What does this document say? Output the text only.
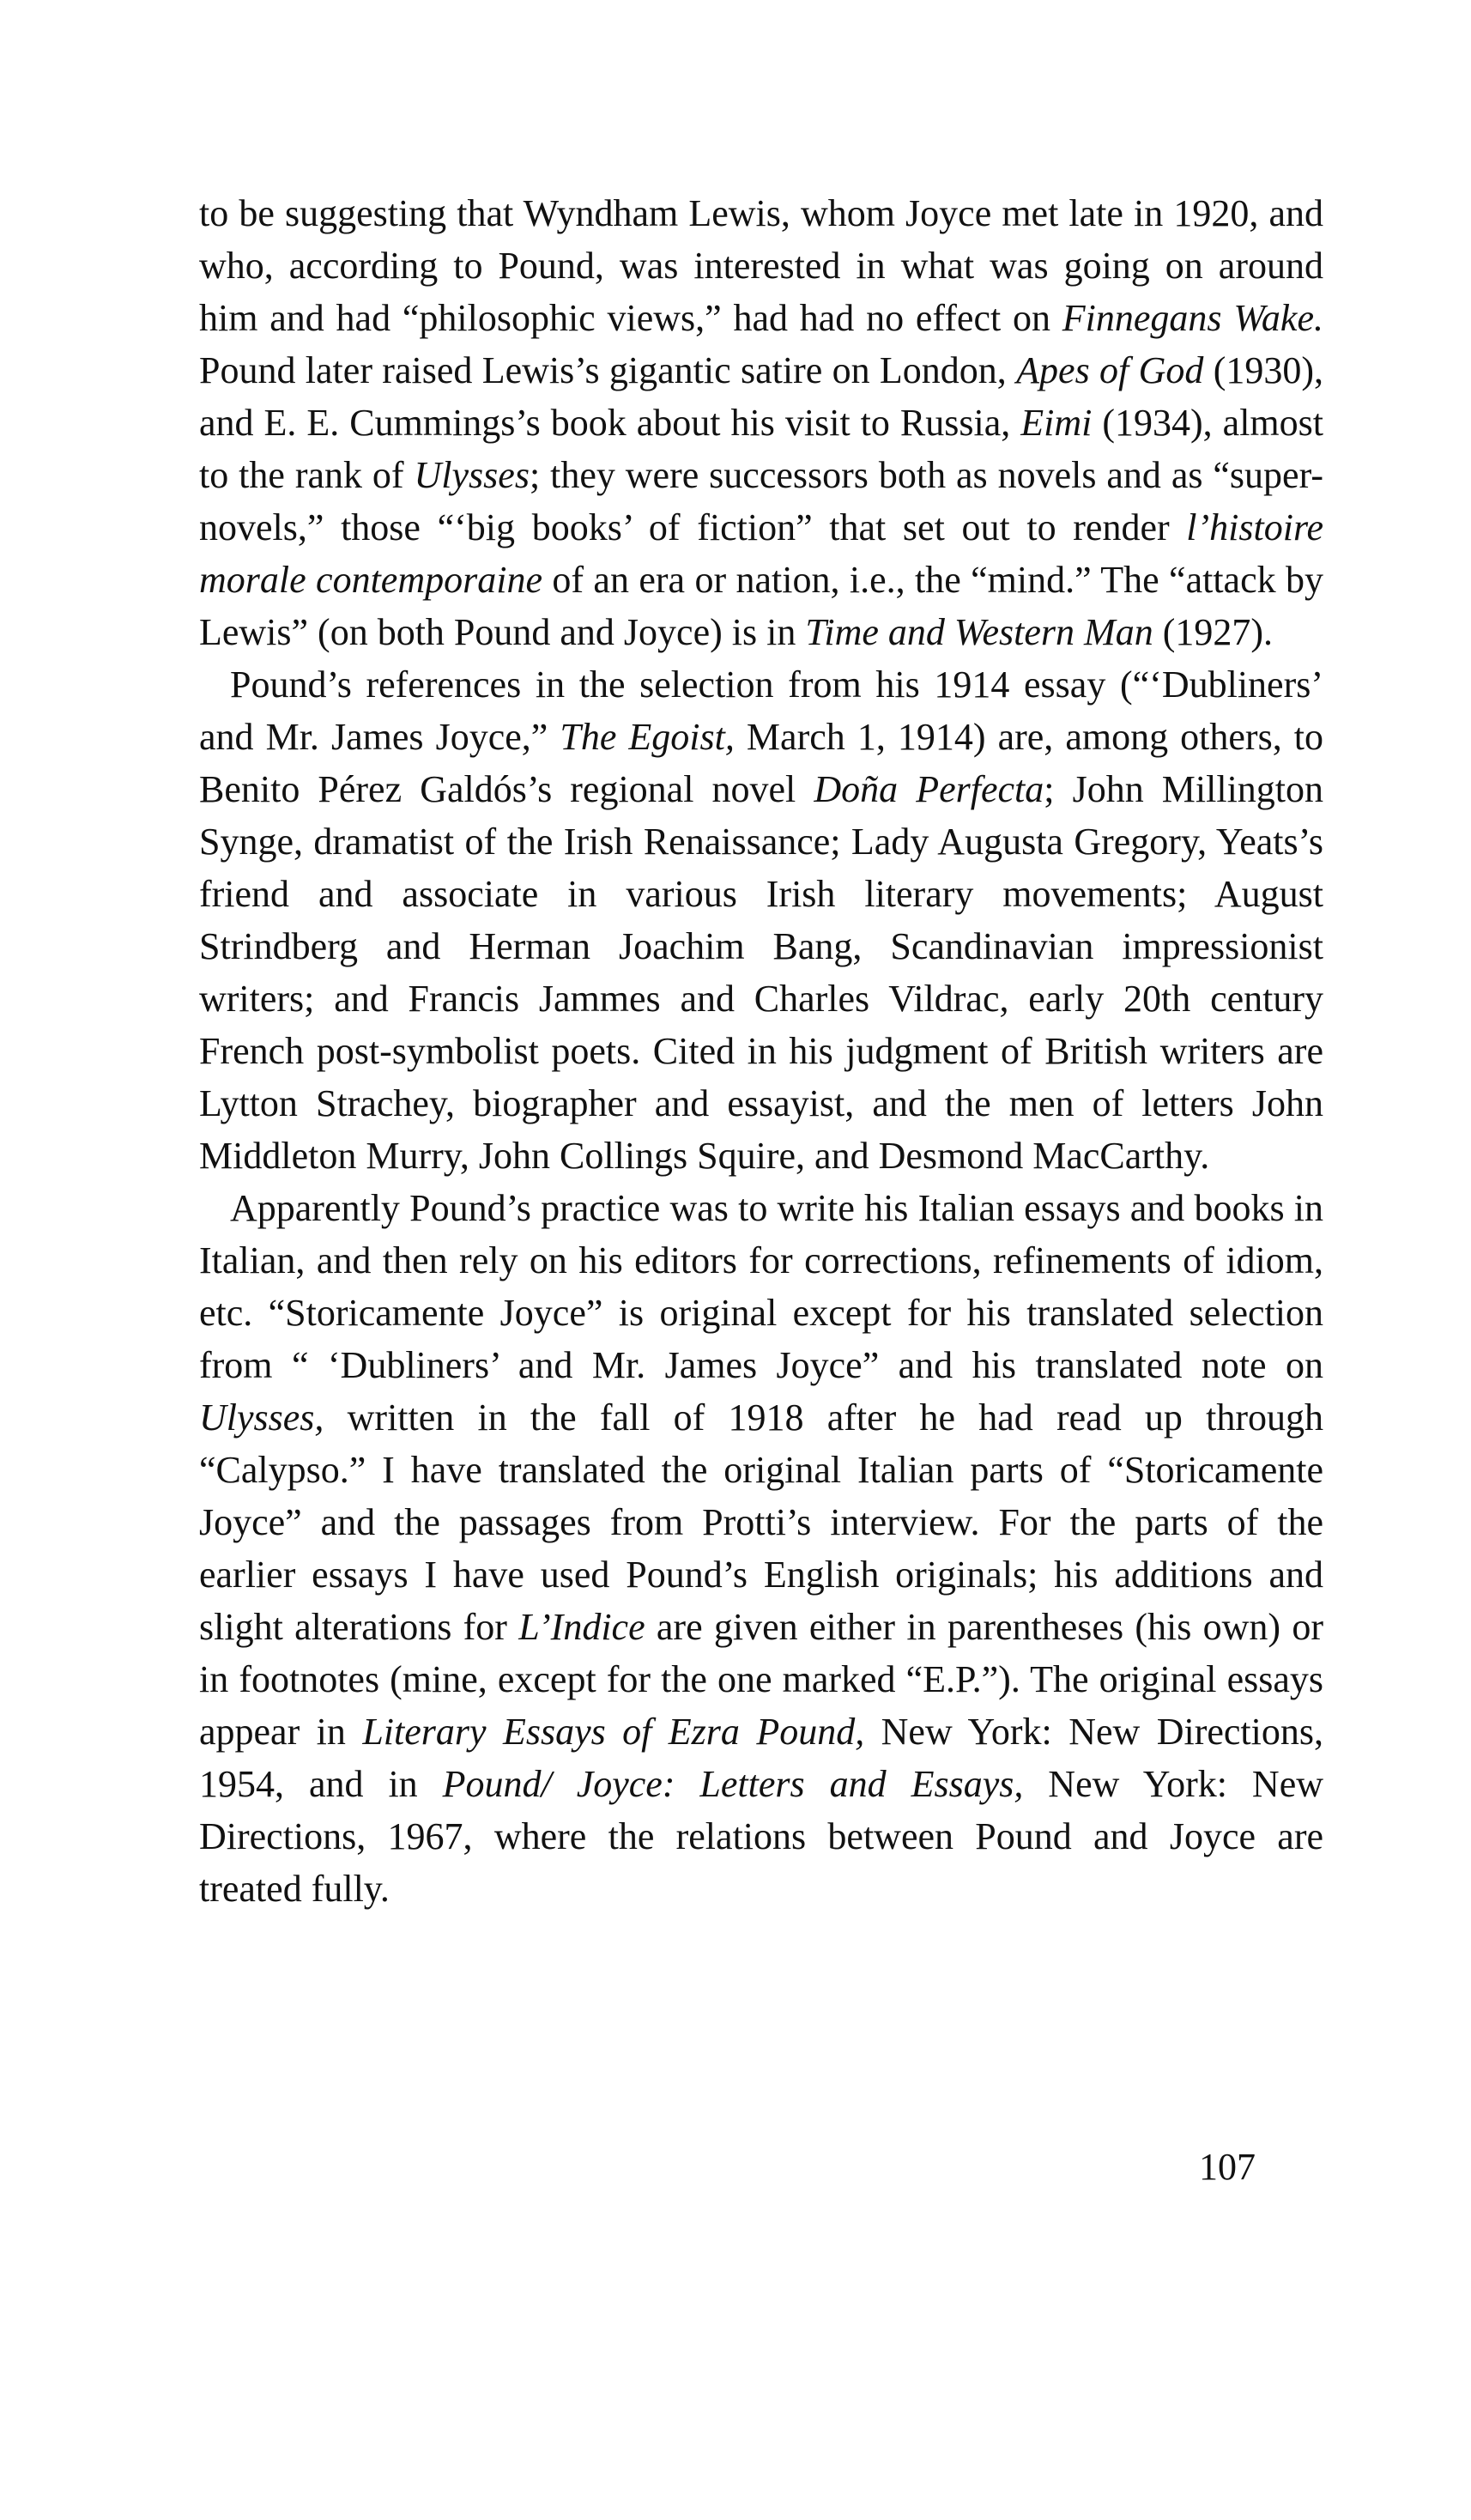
to be suggesting that Wyndham Lewis, whom Joyce met late in 1920, and who, according to Pound, was interested in what was going on around him and had “philosophic views,” had had no effect on Finnegans Wake. Pound later raised Lewis’s gigantic satire on London, Apes of God (1930), and E. E. Cummings’s book about his visit to Russia, Eimi (1934), almost to the rank of Ulysses; they were successors both as novels and as “super-novels,” those “‘big books’ of fiction” that set out to render l’histoire morale contemporaine of an era or nation, i.e., the “mind.” The “attack by Lewis” (on both Pound and Joyce) is in Time and Western Man (1927).

Pound’s references in the selection from his 1914 essay (“‘Dubliners’ and Mr. James Joyce,” The Egoist, March 1, 1914) are, among others, to Benito Pérez Galdós’s regional novel Doña Perfecta; John Millington Synge, dramatist of the Irish Renaissance; Lady Augusta Gregory, Yeats’s friend and associate in various Irish literary movements; August Strindberg and Herman Joachim Bang, Scandinavian impressionist writers; and Francis Jammes and Charles Vildrac, early 20th century French post-symbolist poets. Cited in his judgment of British writers are Lytton Strachey, biographer and essayist, and the men of letters John Middleton Murry, John Collings Squire, and Desmond MacCarthy.

Apparently Pound’s practice was to write his Italian essays and books in Italian, and then rely on his editors for corrections, refinements of idiom, etc. “Storicamente Joyce” is original except for his translated selection from “ ‘Dubliners’ and Mr. James Joyce” and his translated note on Ulysses, written in the fall of 1918 after he had read up through “Calypso.” I have translated the original Italian parts of “Storicamente Joyce” and the passages from Protti’s interview. For the parts of the earlier essays I have used Pound’s English originals; his additions and slight alterations for L’Indice are given either in parentheses (his own) or in footnotes (mine, except for the one marked “E.P.”). The original essays appear in Literary Essays of Ezra Pound, New York: New Directions, 1954, and in Pound/ Joyce: Letters and Essays, New York: New Directions, 1967, where the relations between Pound and Joyce are treated fully.

107
